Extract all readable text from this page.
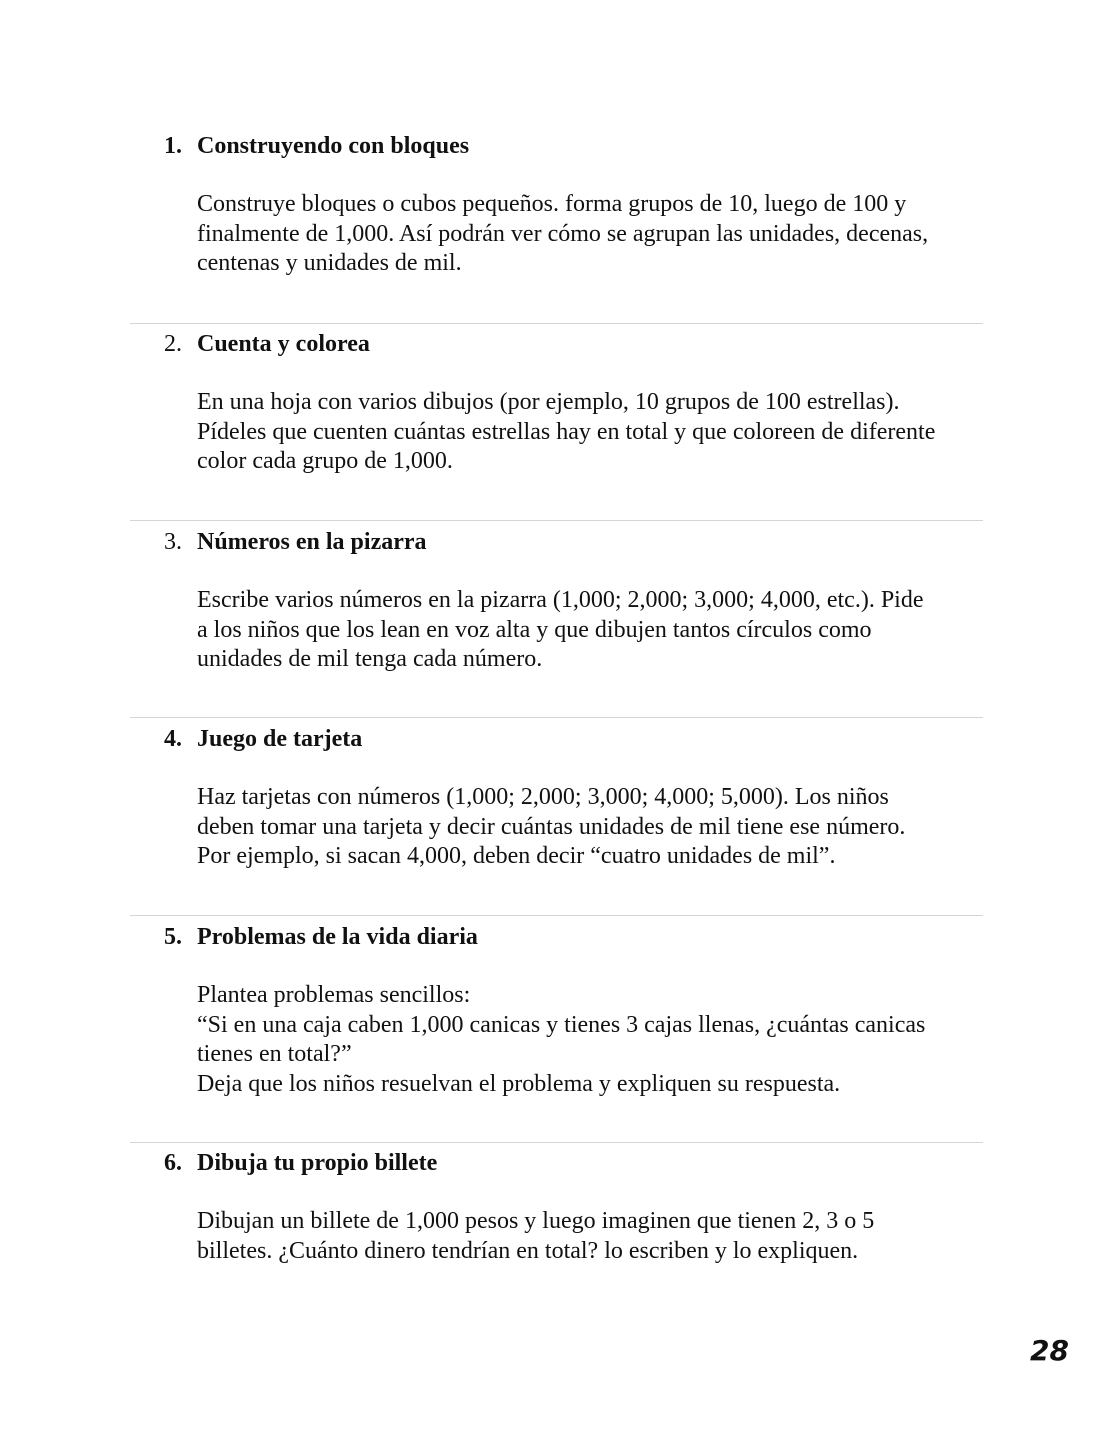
1. Construyendo con bloques

Construye bloques o cubos pequeños. forma grupos de 10, luego de 100 y

finalmente de 1,000. Así podrán ver cómo se agrupan las unidades, decenas,

centenas y unidades de mil.

2. Cuenta y colorea

En una hoja con varios dibujos (por ejemplo, 10 grupos de 100 estrellas).

Pídeles que cuenten cuántas estrellas hay en total y que coloreen de diferente

color cada grupo de 1,000.

3. Números en la pizarra

Escribe varios números en la pizarra (1,000; 2,000; 3,000; 4,000, etc.). Pide

a los niños que los lean en voz alta y que dibujen tantos círculos como

unidades de mil tenga cada número.

4. Juego de tarjeta

Haz tarjetas con números (1,000; 2,000; 3,000; 4,000; 5,000). Los niños

deben tomar una tarjeta y decir cuántas unidades de mil tiene ese número.

Por ejemplo, si sacan 4,000, deben decir “cuatro unidades de mil”.

5. Problemas de la vida diaria

Plantea problemas sencillos:

“Si en una caja caben 1,000 canicas y tienes 3 cajas llenas, ¿cuántas canicas

tienes en total?”

Deja que los niños resuelvan el problema y expliquen su respuesta.

6. Dibuja tu propio billete

Dibujan un billete de 1,000 pesos y luego imaginen que tienen 2, 3 o 5

billetes. ¿Cuánto dinero tendrían en total? lo escriben y lo expliquen.

28
